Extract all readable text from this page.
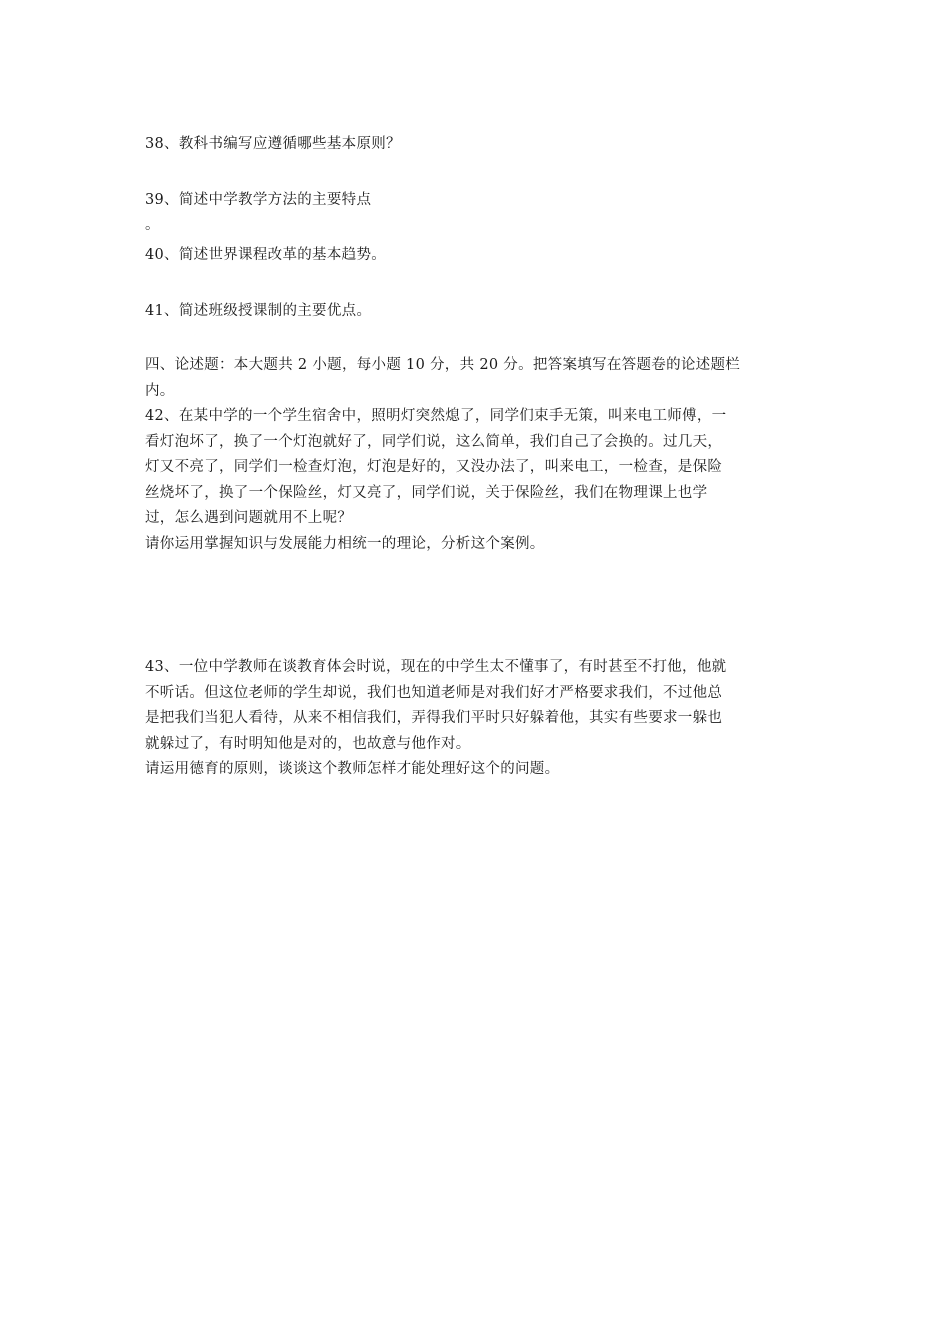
38、教科书编写应遵循哪些基本原则？
39、简述中学教学方法的主要特点
。
40、简述世界课程改革的基本趋势。
41、简述班级授课制的主要优点。
四、论述题：本大题共 2 小题，每小题 10 分，共 20 分。把答案填写在答题卷的论述题栏
内。
42、在某中学的一个学生宿舍中，照明灯突然熄了，同学们束手无策，叫来电工师傅，一
看灯泡坏了，换了一个灯泡就好了，同学们说，这么简单，我们自己了会换的。过几天，
灯又不亮了，同学们一检查灯泡，灯泡是好的，又没办法了，叫来电工，一检查，是保险
丝烧坏了，换了一个保险丝，灯又亮了，同学们说，关于保险丝，我们在物理课上也学
过，怎么遇到问题就用不上呢？
请你运用掌握知识与发展能力相统一的理论，分析这个案例。
43、一位中学教师在谈教育体会时说，现在的中学生太不懂事了，有时甚至不打他，他就
不听话。但这位老师的学生却说，我们也知道老师是对我们好才严格要求我们，不过他总
是把我们当犯人看待，从来不相信我们，弄得我们平时只好躲着他，其实有些要求一躲也
就躲过了，有时明知他是对的，也故意与他作对。
请运用德育的原则，谈谈这个教师怎样才能处理好这个的问题。
